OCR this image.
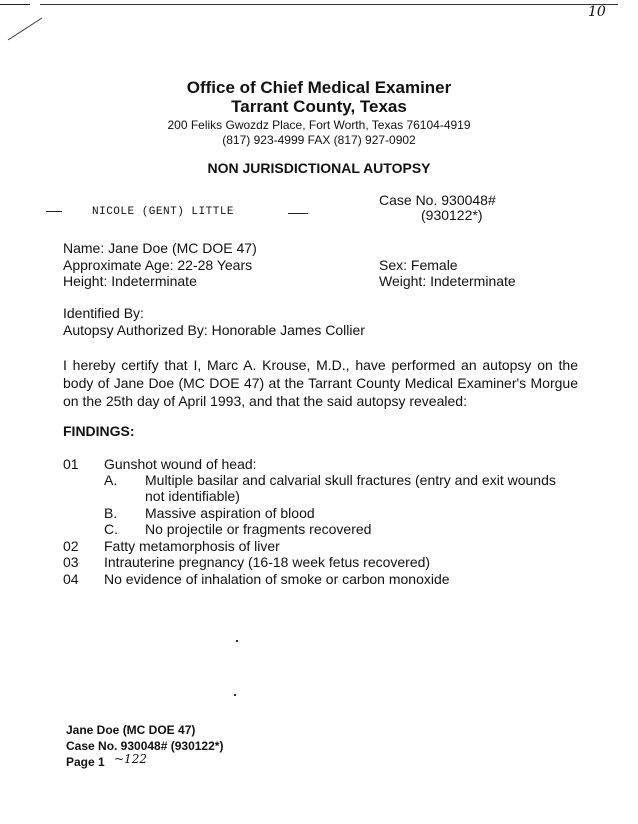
10
Office of Chief Medical Examiner
Tarrant County, Texas
200 Feliks Gwozdz Place, Fort Worth, Texas 76104-4919
(817) 923-4999 FAX (817) 927-0902
NON JURISDICTIONAL AUTOPSY
Case No. 930048#
(930122*)
NICOLE (GENT) LITTLE
Name: Jane Doe (MC DOE 47)
Approximate Age: 22-28 Years
Height: Indeterminate
Sex: Female
Weight: Indeterminate
Identified By:
Autopsy Authorized By: Honorable James Collier
I hereby certify that I, Marc A. Krouse, M.D., have performed an autopsy on the body of Jane Doe (MC DOE 47) at the Tarrant County Medical Examiner's Morgue on the 25th day of April 1993, and that the said autopsy revealed:
FINDINGS:
01 Gunshot wound of head:
A. Multiple basilar and calvarial skull fractures (entry and exit wounds
not identifiable)
B. Massive aspiration of blood
C. No projectile or fragments recovered
02 Fatty metamorphosis of liver
03 Intrauterine pregnancy (16-18 week fetus recovered)
04 No evidence of inhalation of smoke or carbon monoxide
Jane Doe (MC DOE 47)
Case No. 930048# (930122*)
Page 1 ~122
